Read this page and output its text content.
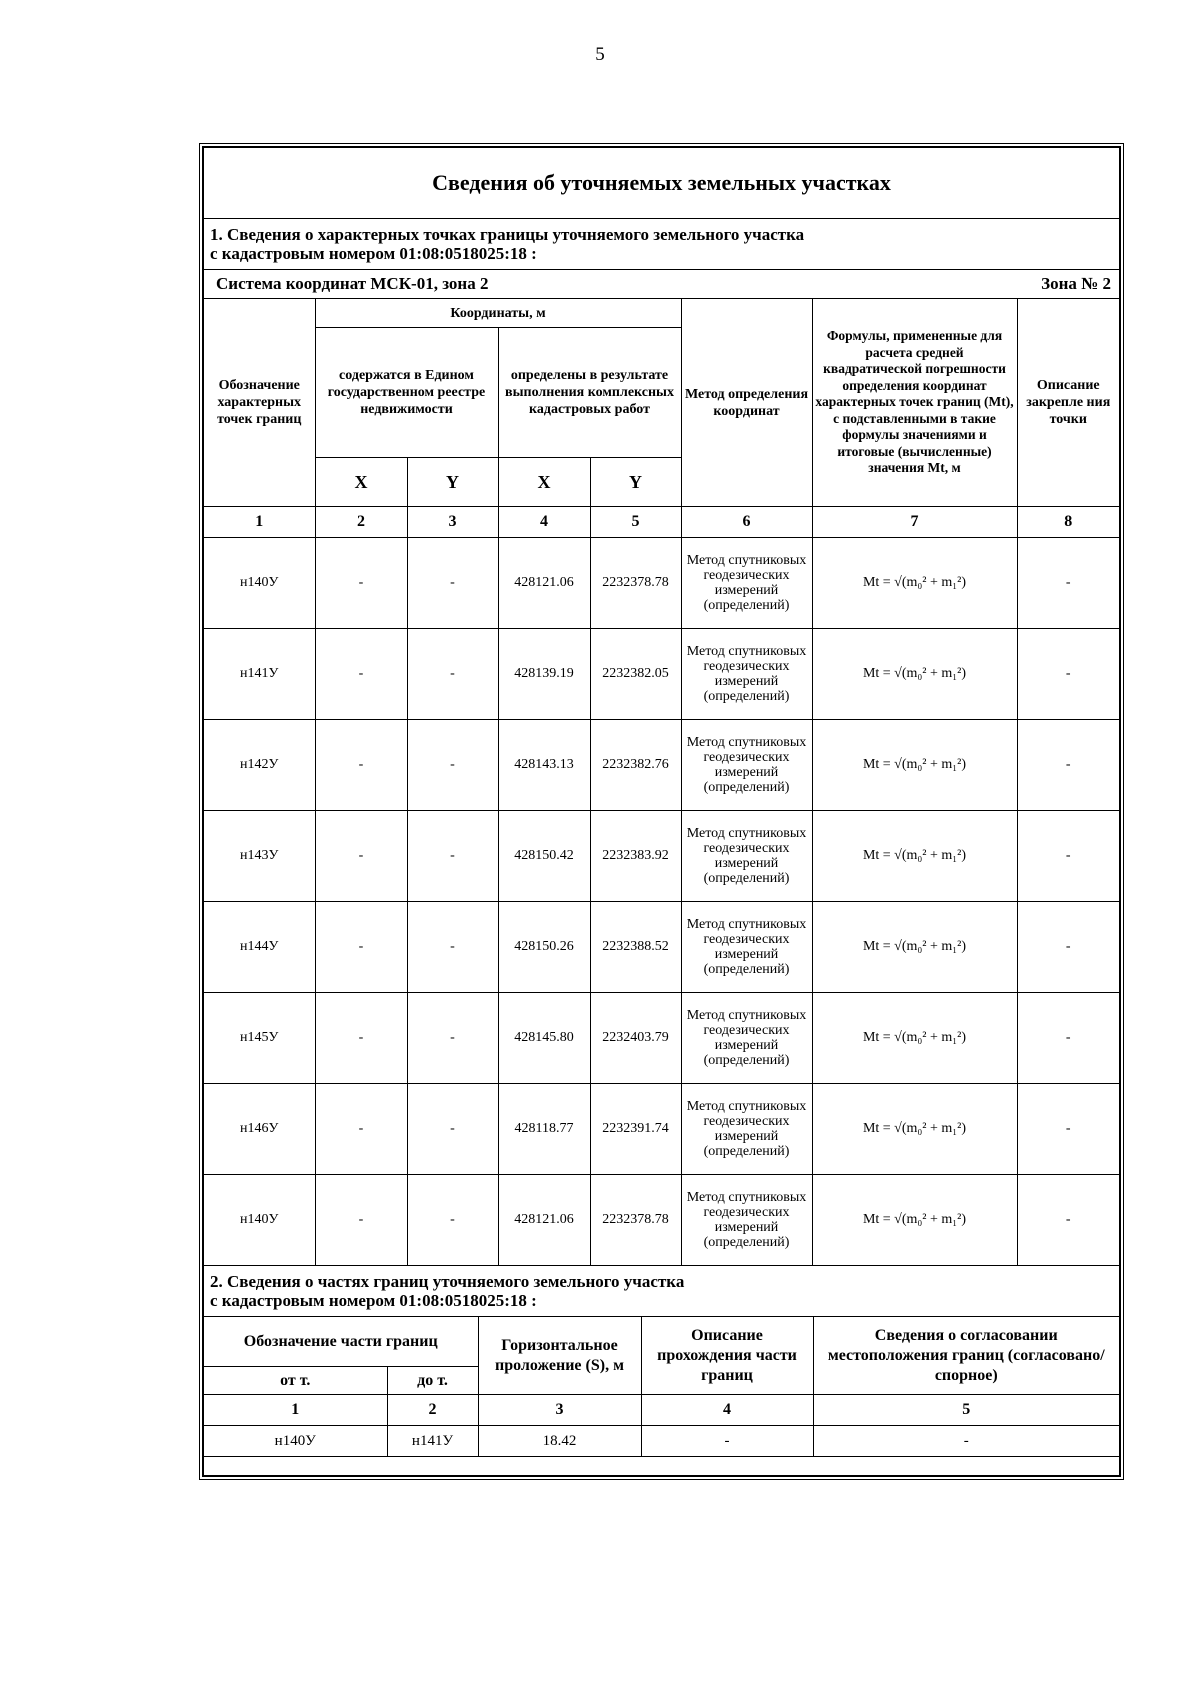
5
Сведения об уточняемых земельных участках							

1. Сведения о характерных точках границы уточняемого земельного участка
с кадастровым номером 01:08:0518025:18 :							

Система координат МСК-01, зона 2 Зона № 2							

Обозначение характерных точек границ	Координаты, м				Метод определения координат	Формулы, примененные для расчета средней квадратической погрешности определения координат характерных точек границ (Mt), с подставленными в такие формулы значениями и итоговые (вычисленные) значения Mt, м	Описание закрепле ния точки
	содержатся в Едином государственном реестре недвижимости		определены в результате выполнения комплексных кадастровых работ				
	X	Y	X	Y			
1	2	3	4	5	6	7	8
н140У	-	-	428121.06	2232378.78	Метод спутниковых геодезических измерений (определений)	Mt = √(m₀² + m₁²)	-
н141У	-	-	428139.19	2232382.05	Метод спутниковых геодезических измерений (определений)	Mt = √(m₀² + m₁²)	-
н142У	-	-	428143.13	2232382.76	Метод спутниковых геодезических измерений (определений)	Mt = √(m₀² + m₁²)	-
н143У	-	-	428150.42	2232383.92	Метод спутниковых геодезических измерений (определений)	Mt = √(m₀² + m₁²)	-
н144У	-	-	428150.26	2232388.52	Метод спутниковых геодезических измерений (определений)	Mt = √(m₀² + m₁²)	-
н145У	-	-	428145.80	2232403.79	Метод спутниковых геодезических измерений (определений)	Mt = √(m₀² + m₁²)	-
н146У	-	-	428118.77	2232391.74	Метод спутниковых геодезических измерений (определений)	Mt = √(m₀² + m₁²)	-
н140У	-	-	428121.06	2232378.78	Метод спутниковых геодезических измерений (определений)	Mt = √(m₀² + m₁²)	-
2. Сведения о частях границ уточняемого земельного участка
с кадастровым номером 01:08:0518025:18 :				

Обозначение части границ		Горизонтальное проложение (S), м	Описание прохождения части границ	Сведения о согласовании местоположения границ (согласовано/спорное)
от т.	до т.			
1	2	3	4	5
н140У	н141У	18.42	-	-
